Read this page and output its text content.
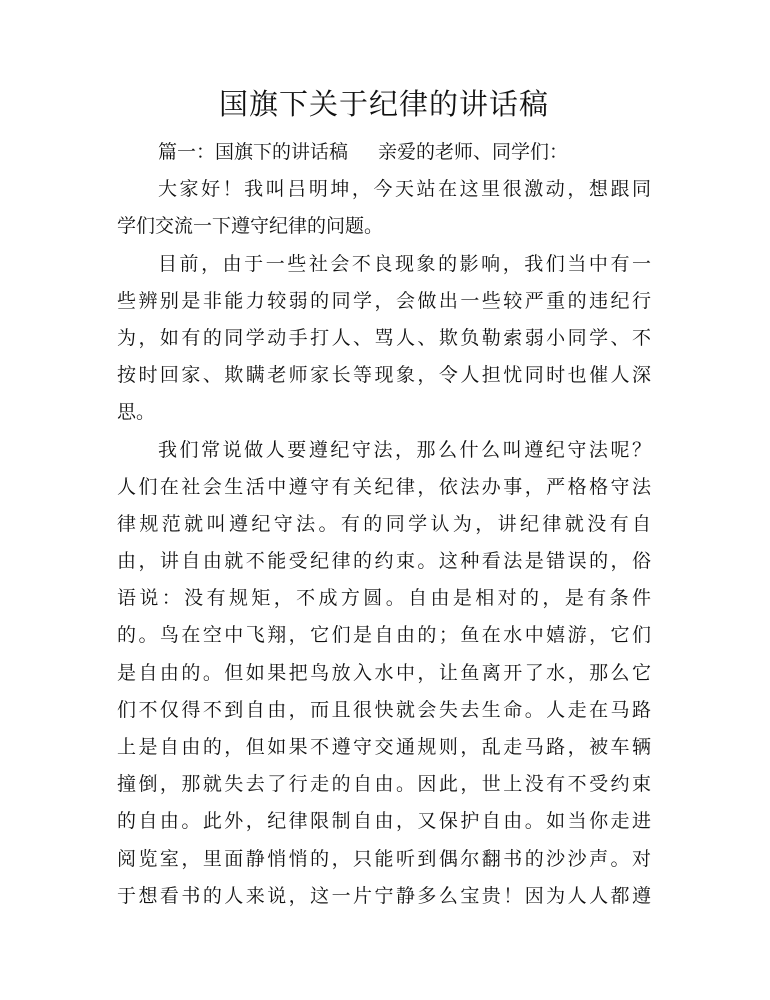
国旗下关于纪律的讲话稿
篇一：国旗下的讲话稿 亲爱的老师、同学们：
大家好！我叫吕明坤，今天站在这里很激动，想跟同
学们交流一下遵守纪律的问题。
目前，由于一些社会不良现象的影响，我们当中有一
些辨别是非能力较弱的同学，会做出一些较严重的违纪行
为，如有的同学动手打人、骂人、欺负勒索弱小同学、不
按时回家、欺瞒老师家长等现象，令人担忧同时也催人深
思。
我们常说做人要遵纪守法，那么什么叫遵纪守法呢？
人们在社会生活中遵守有关纪律，依法办事，严格格守法
律规范就叫遵纪守法。有的同学认为，讲纪律就没有自
由，讲自由就不能受纪律的约束。这种看法是错误的，俗
语说：没有规矩，不成方圆。自由是相对的，是有条件
的。鸟在空中飞翔，它们是自由的；鱼在水中嬉游，它们
是自由的。但如果把鸟放入水中，让鱼离开了水，那么它
们不仅得不到自由，而且很快就会失去生命。人走在马路
上是自由的，但如果不遵守交通规则，乱走马路，被车辆
撞倒，那就失去了行走的自由。因此，世上没有不受约束
的自由。此外，纪律限制自由，又保护自由。如当你走进
阅览室，里面静悄悄的，只能听到偶尔翻书的沙沙声。对
于想看书的人来说，这一片宁静多么宝贵！因为人人都遵
